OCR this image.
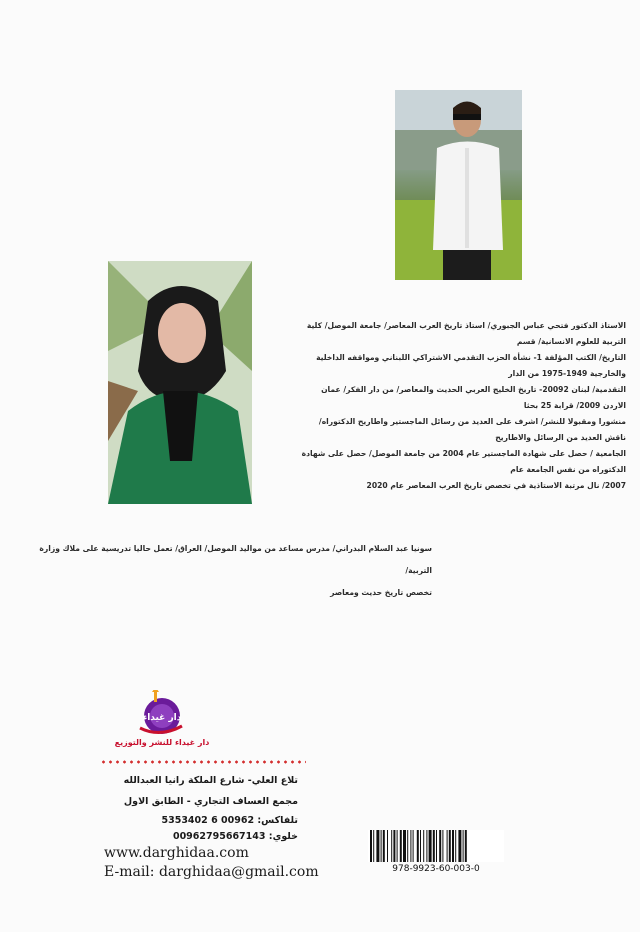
الاستاذ الدكتور فتحي عباس الجبوري/ استاذ تاريخ العرب المعاصر/ جامعة الموصل/ كلية التربية للعلوم الانسانية/ قسم
التاريخ/ الكتب المؤلفة 1- نشأة الحزب التقدمي الاشتراكي اللبناني ومواقفه الداخلية والخارجية 1949-1975 من الدار
التقدمية/ لبنان 20092- تاريخ الخليج العربي الحديث والمعاصر/ من دار الفكر/ عمان الاردن 2009/ قرابة 25 بحثا
منشورا ومقبولا للنشر/ اشرف على العديد من رسائل الماجستير واطاريح الدكتوراه/ ناقش العديد من الرسائل والاطاريح
الجامعية / حصل على شهادة الماجستير عام 2004 من جامعة الموصل/ حصل على شهادة الدكتوراه من نفس الجامعة عام
2007/ نال مرتبة الاستاذية في تخصص تاريخ العرب المعاصر عام 2020
سونيا عبد السلام البدراني/ مدرس مساعد من مواليد الموصل/ العراق/ تعمل حاليا تدريسية على ملاك وزارة التربية/
تخصص تاريخ حديث ومعاصر
دار غيداء
دار غيداء للنشر والتوزيع
تلاع العلي- شارع الملكة رانيا العبدالله
مجمع العساف التجاري - الطابق الاول
تلفاكس: 00962 6 5353402
خلوي: 00962795667143
www.darghidaa.com
E-mail: darghidaa@gmail.com	978-9923-60-003-0
